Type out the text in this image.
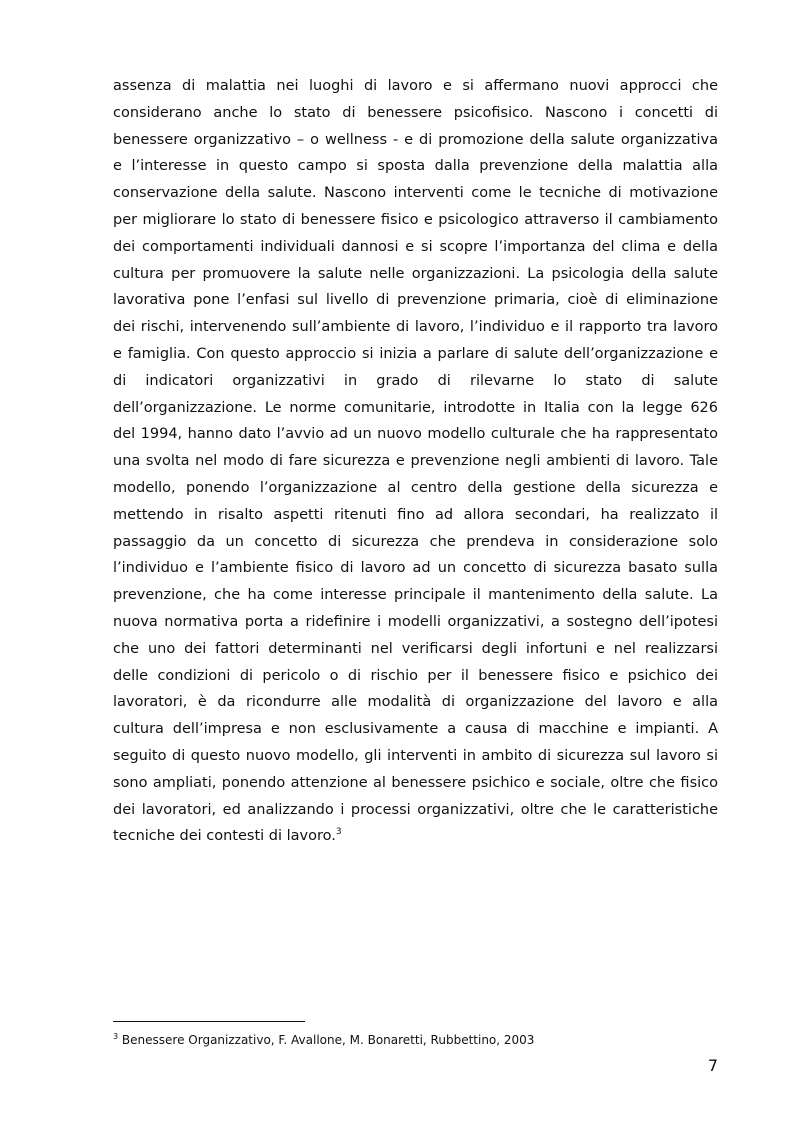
assenza di malattia nei luoghi di lavoro e si affermano nuovi approcci che
considerano anche lo stato di benessere psicofisico. Nascono i concetti di
benessere organizzativo – o wellness - e di promozione della salute organizzativa
e l’interesse in questo campo si sposta dalla prevenzione della malattia alla
conservazione della salute. Nascono interventi come le tecniche di motivazione
per migliorare lo stato di benessere fisico e psicologico attraverso il cambiamento
dei comportamenti individuali dannosi e si scopre l’importanza del clima e della
cultura per promuovere la salute nelle organizzazioni. La psicologia della salute
lavorativa pone l’enfasi sul livello di prevenzione primaria, cioè di eliminazione
dei rischi, intervenendo sull’ambiente di lavoro, l’individuo e il rapporto tra lavoro
e famiglia. Con questo approccio si inizia a parlare di salute dell’organizzazione e
di indicatori organizzativi in grado di rilevarne lo stato di salute
dell’organizzazione. Le norme comunitarie, introdotte in Italia con la legge 626
del 1994, hanno dato l’avvio ad un nuovo modello culturale che ha rappresentato
una svolta nel modo di fare sicurezza e prevenzione negli ambienti di lavoro. Tale
modello, ponendo l’organizzazione al centro della gestione della sicurezza e
mettendo in risalto aspetti ritenuti fino ad allora secondari, ha realizzato il
passaggio da un concetto di sicurezza che prendeva in considerazione solo
l’individuo e l’ambiente fisico di lavoro ad un concetto di sicurezza basato sulla
prevenzione, che ha come interesse principale il mantenimento della salute. La
nuova normativa porta a ridefinire i modelli organizzativi, a sostegno dell’ipotesi
che uno dei fattori determinanti nel verificarsi degli infortuni e nel realizzarsi
delle condizioni di pericolo o di rischio per il benessere fisico e psichico dei
lavoratori, è da ricondurre alle modalità di organizzazione del lavoro e alla
cultura dell’impresa e non esclusivamente a causa di macchine e impianti. A
seguito di questo nuovo modello, gli interventi in ambito di sicurezza sul lavoro si
sono ampliati, ponendo attenzione al benessere psichico e sociale, oltre che fisico
dei lavoratori, ed analizzando i processi organizzativi, oltre che le caratteristiche
tecniche dei contesti di lavoro.$^3$

$^3$ Benessere Organizzativo, F. Avallone, M. Bonaretti, Rubbettino, 2003
7
